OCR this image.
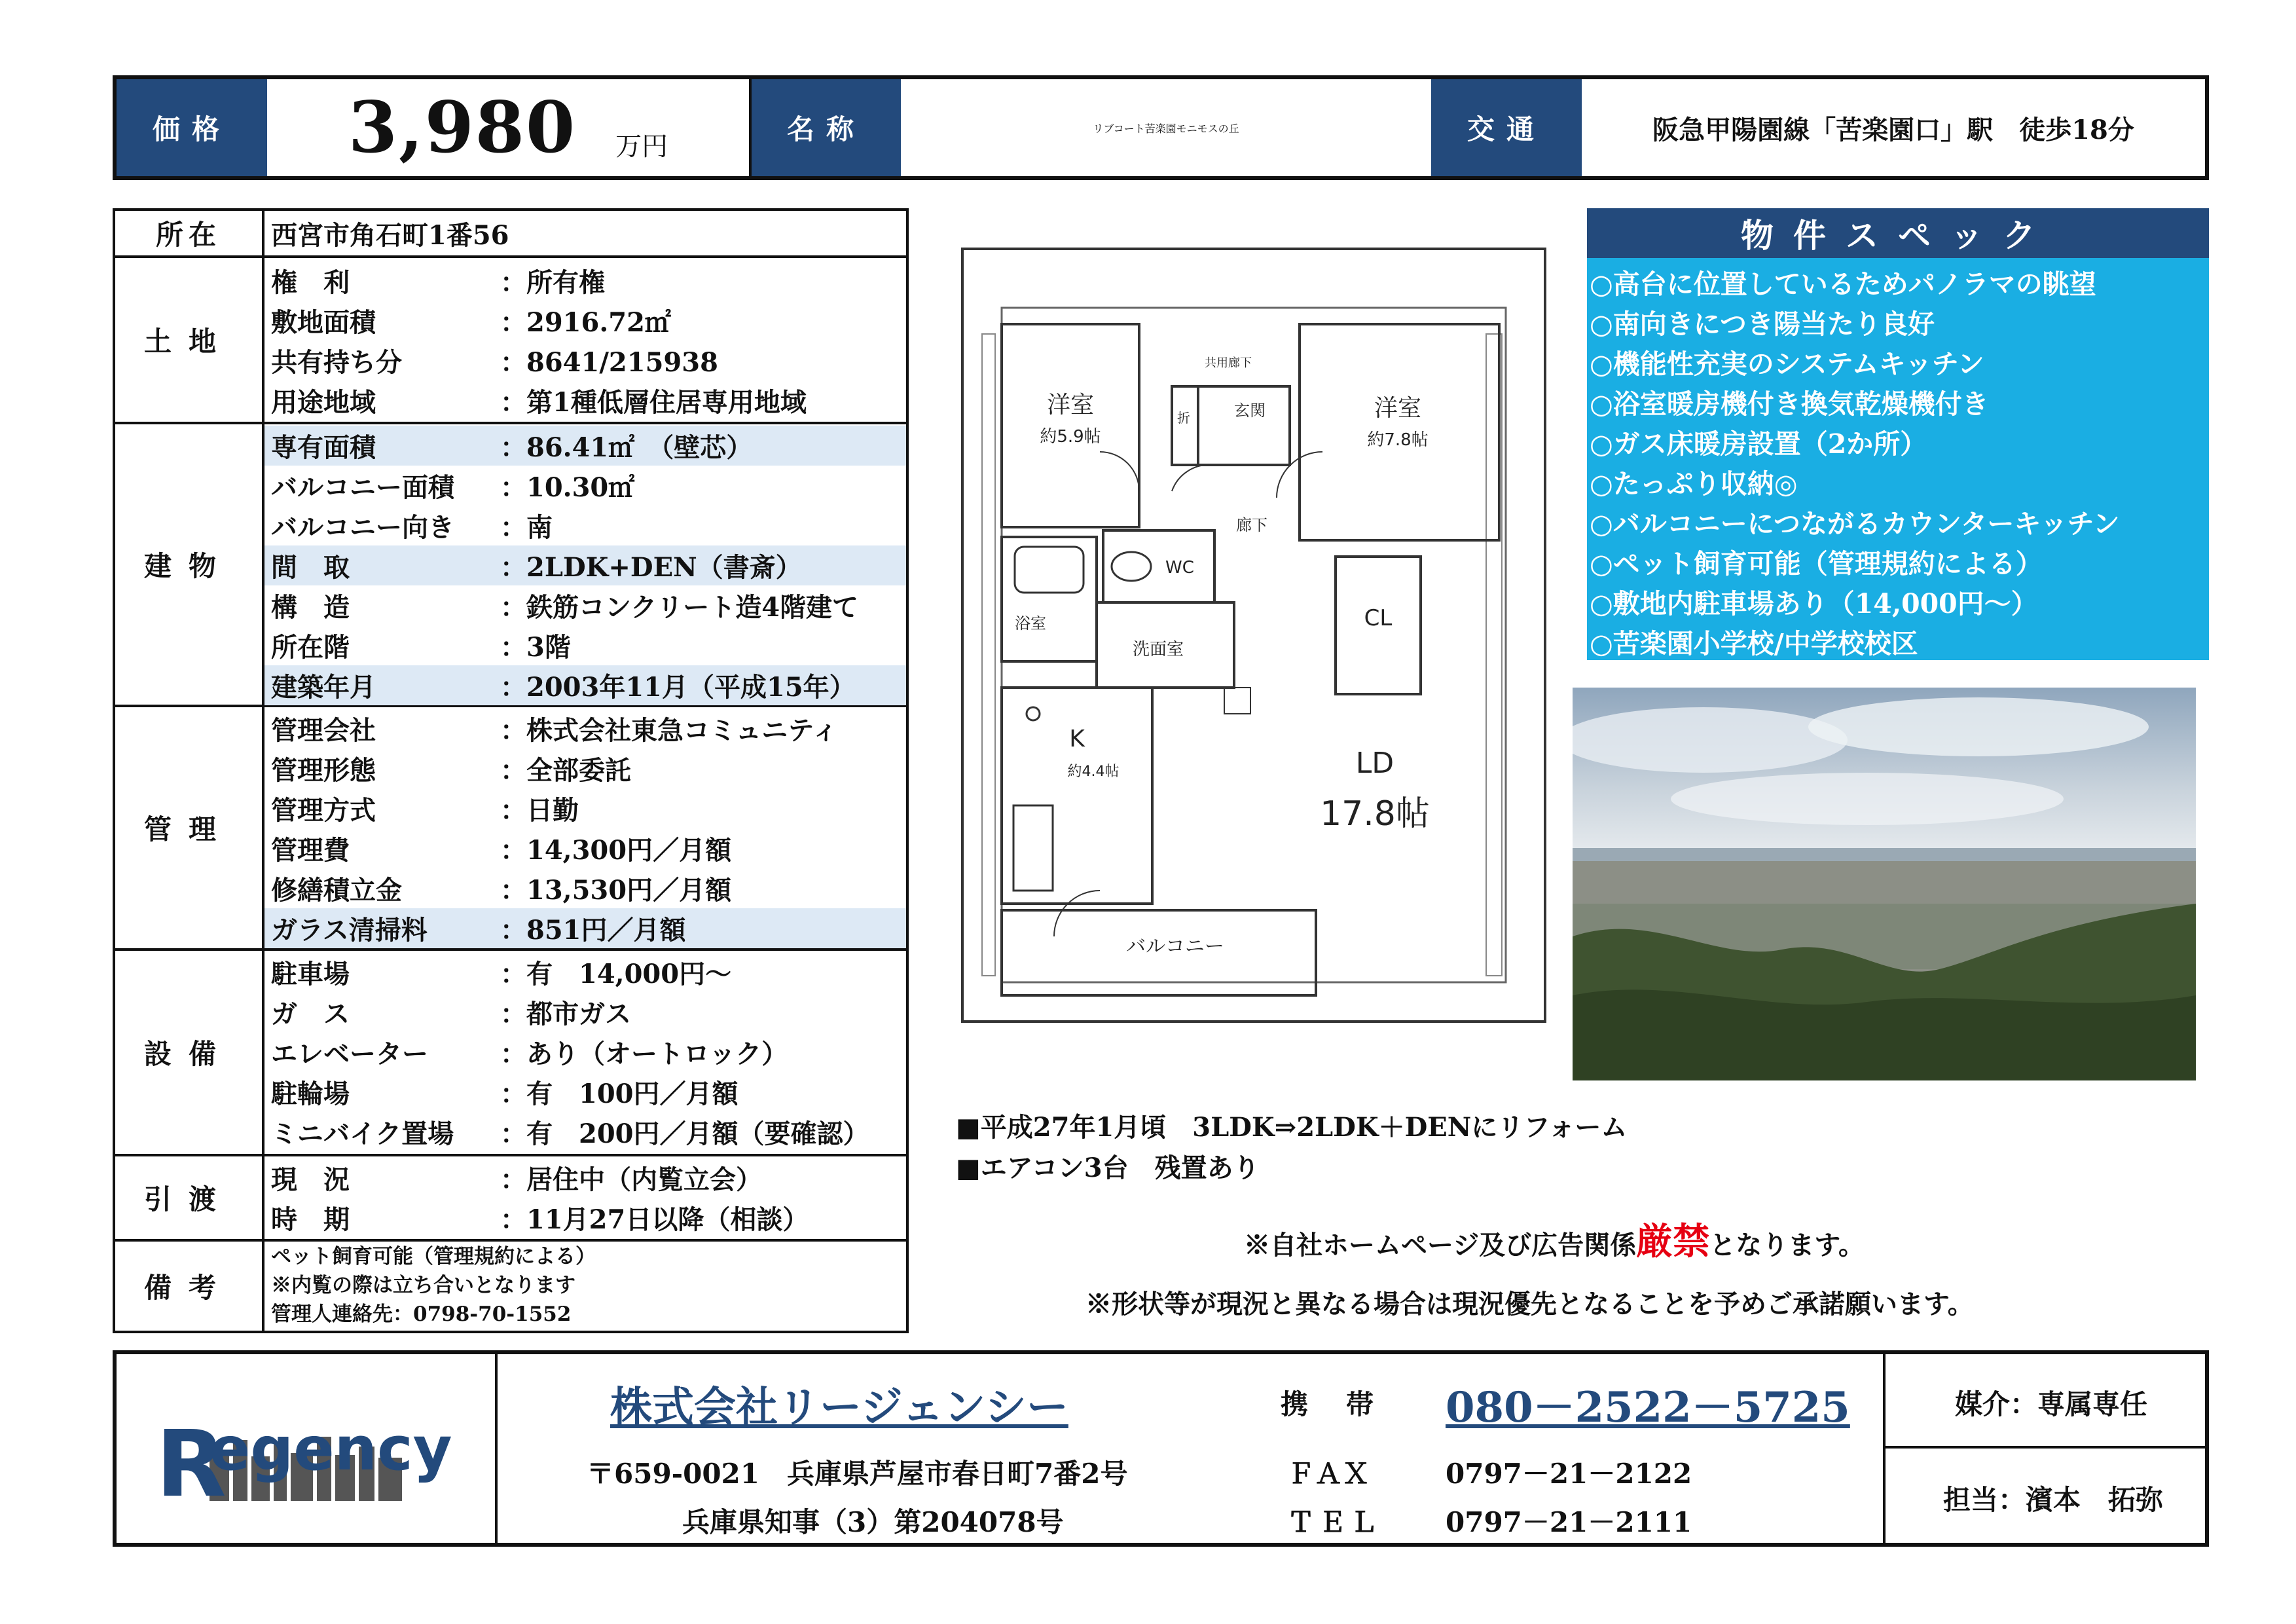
価格	3,980 万円
名称	リブコート苦楽園モニモスの丘	交通	阪急甲陽園線「苦楽園口」駅　徒歩18分
所在	西宮市角石町1番56
土地
権　利	：所有権
敷地面積	：2916.72㎡
共有持ち分	：8641/215938
用途地域	：第1種低層住居専用地域
建物
専有面積	：86.41㎡　（壁芯）
バルコニー面積	：10.30㎡
バルコニー向き	：南
間　取	：2LDK+DEN（書斎）
構　造	：鉄筋コンクリート造4階建て
所在階	：3階
建築年月	：2003年11月（平成15年）
管理
管理会社	：株式会社東急コミュニティ
管理形態	：全部委託
管理方式	：日勤
管理費	：14,300円／月額
修繕積立金	：13,530円／月額
ガラス清掃料	：851円／月額
設備
駐車場	：有　14,000円～
ガ　ス	：都市ガス
エレベーター	：あり（オートロック）
駐輪場	：有　100円／月額
ミニバイク置場	：有　200円／月額（要確認）
引渡
現　況	：居住中（内覧立会）
時　期	：11月27日以降（相談）
備考
ペット飼育可能（管理規約による）
※内覧の際は立ち合いとなります
管理人連絡先：0798-70-1552
洋室
約5.9帖
洋室
約7.8帖
共用廊下
玄関
折
廊下
WC
浴室
洗面室
CL
K
約4.4帖	LD
17.8帖
バルコニー
物件スペック
○高台に位置しているためパノラマの眺望
○南向きにつき陽当たり良好
○機能性充実のシステムキッチン
○浴室暖房機付き換気乾燥機付き
○ガス床暖房設置（2か所）
○たっぷり収納◎
○バルコニーにつながるカウンターキッチン
○ペット飼育可能（管理規約による）
○敷地内駐車場あり（14,000円～）
○苦楽園小学校/中学校校区
■平成27年1月頃　3LDK⇒2LDK＋DENにリフォーム
■エアコン3台　残置あり
※自社ホームページ及び広告関係厳禁となります。
※形状等が現況と異なる場合は現況優先となることを予めご承諾願います。
R
egency
株式会社リージェンシー
〒659-0021　兵庫県芦屋市春日町7番2号
兵庫県知事（3）第204078号
携　帯 080－2522－5725
ＦＡＸ	0797－21－2122
ＴＥＬ 0797－21－2111
媒介：専属専任
担当：濱本　拓弥
